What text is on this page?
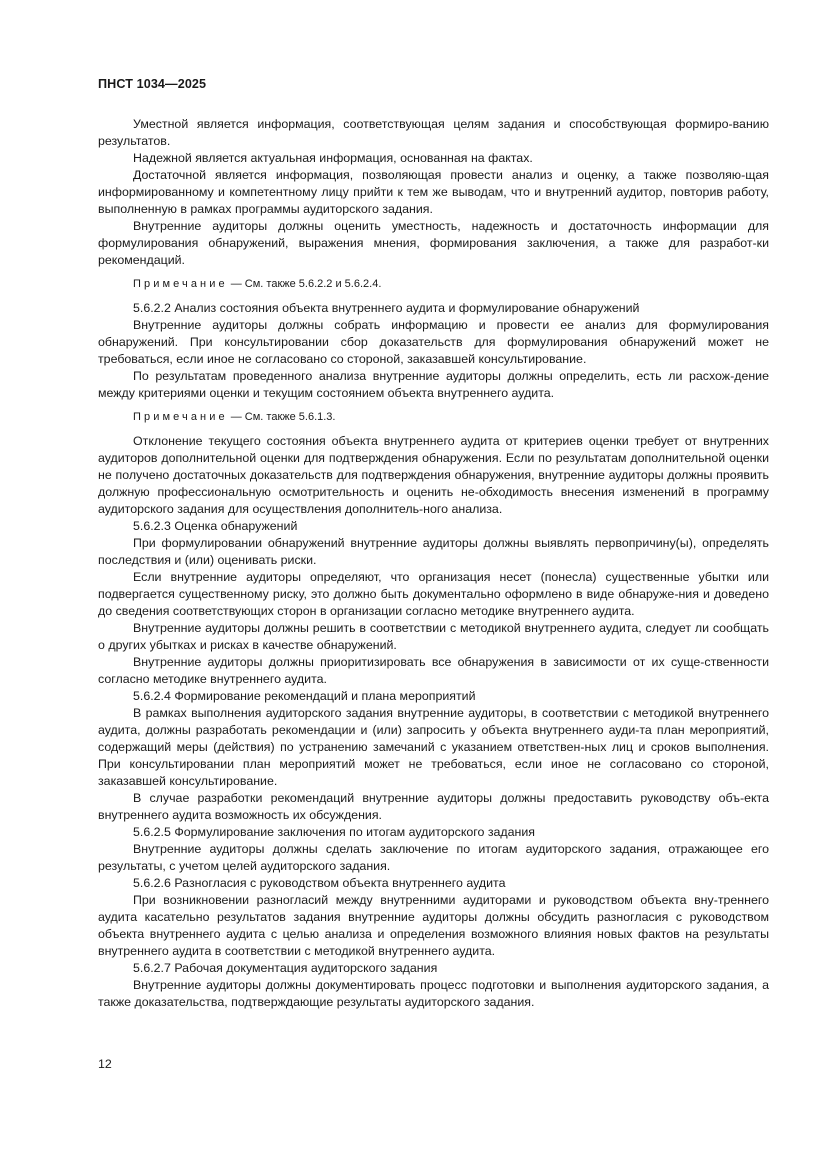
ПНСТ 1034—2025

Уместной является информация, соответствующая целям задания и способствующая формиро-ванию результатов.

Надежной является актуальная информация, основанная на фактах.

Достаточной является информация, позволяющая провести анализ и оценку, а также позволяю-щая информированному и компетентному лицу прийти к тем же выводам, что и внутренний аудитор, повторив работу, выполненную в рамках программы аудиторского задания.

Внутренние аудиторы должны оценить уместность, надежность и достаточность информации для формулирования обнаружений, выражения мнения, формирования заключения, а также для разработ-ки рекомендаций.

Примечание — См. также 5.6.2.2 и 5.6.2.4.

5.6.2.2 Анализ состояния объекта внутреннего аудита и формулирование обнаружений

Внутренние аудиторы должны собрать информацию и провести ее анализ для формулирования обнаружений. При консультировании сбор доказательств для формулирования обнаружений может не требоваться, если иное не согласовано со стороной, заказавшей консультирование.

По результатам проведенного анализа внутренние аудиторы должны определить, есть ли расхож-дение между критериями оценки и текущим состоянием объекта внутреннего аудита.

Примечание — См. также 5.6.1.3.

Отклонение текущего состояния объекта внутреннего аудита от критериев оценки требует от внутренних аудиторов дополнительной оценки для подтверждения обнаружения. Если по результатам дополнительной оценки не получено достаточных доказательств для подтверждения обнаружения, внутренние аудиторы должны проявить должную профессиональную осмотрительность и оценить не-обходимость внесения изменений в программу аудиторского задания для осуществления дополнитель-ного анализа.

5.6.2.3 Оценка обнаружений

При формулировании обнаружений внутренние аудиторы должны выявлять первопричину(ы), определять последствия и (или) оценивать риски.

Если внутренние аудиторы определяют, что организация несет (понесла) существенные убытки или подвергается существенному риску, это должно быть документально оформлено в виде обнаруже-ния и доведено до сведения соответствующих сторон в организации согласно методике внутреннего аудита.

Внутренние аудиторы должны решить в соответствии с методикой внутреннего аудита, следует ли сообщать о других убытках и рисках в качестве обнаружений.

Внутренние аудиторы должны приоритизировать все обнаружения в зависимости от их суще-ственности согласно методике внутреннего аудита.

5.6.2.4 Формирование рекомендаций и плана мероприятий

В рамках выполнения аудиторского задания внутренние аудиторы, в соответствии с методикой внутреннего аудита, должны разработать рекомендации и (или) запросить у объекта внутреннего ауди-та план мероприятий, содержащий меры (действия) по устранению замечаний с указанием ответствен-ных лиц и сроков выполнения. При консультировании план мероприятий может не требоваться, если иное не согласовано со стороной, заказавшей консультирование.

В случае разработки рекомендаций внутренние аудиторы должны предоставить руководству объ-екта внутреннего аудита возможность их обсуждения.

5.6.2.5 Формулирование заключения по итогам аудиторского задания

Внутренние аудиторы должны сделать заключение по итогам аудиторского задания, отражающее его результаты, с учетом целей аудиторского задания.

5.6.2.6 Разногласия с руководством объекта внутреннего аудита

При возникновении разногласий между внутренними аудиторами и руководством объекта вну-треннего аудита касательно результатов задания внутренние аудиторы должны обсудить разногласия с руководством объекта внутреннего аудита с целью анализа и определения возможного влияния новых фактов на результаты внутреннего аудита в соответствии с методикой внутреннего аудита.

5.6.2.7 Рабочая документация аудиторского задания

Внутренние аудиторы должны документировать процесс подготовки и выполнения аудиторского задания, а также доказательства, подтверждающие результаты аудиторского задания.

12
